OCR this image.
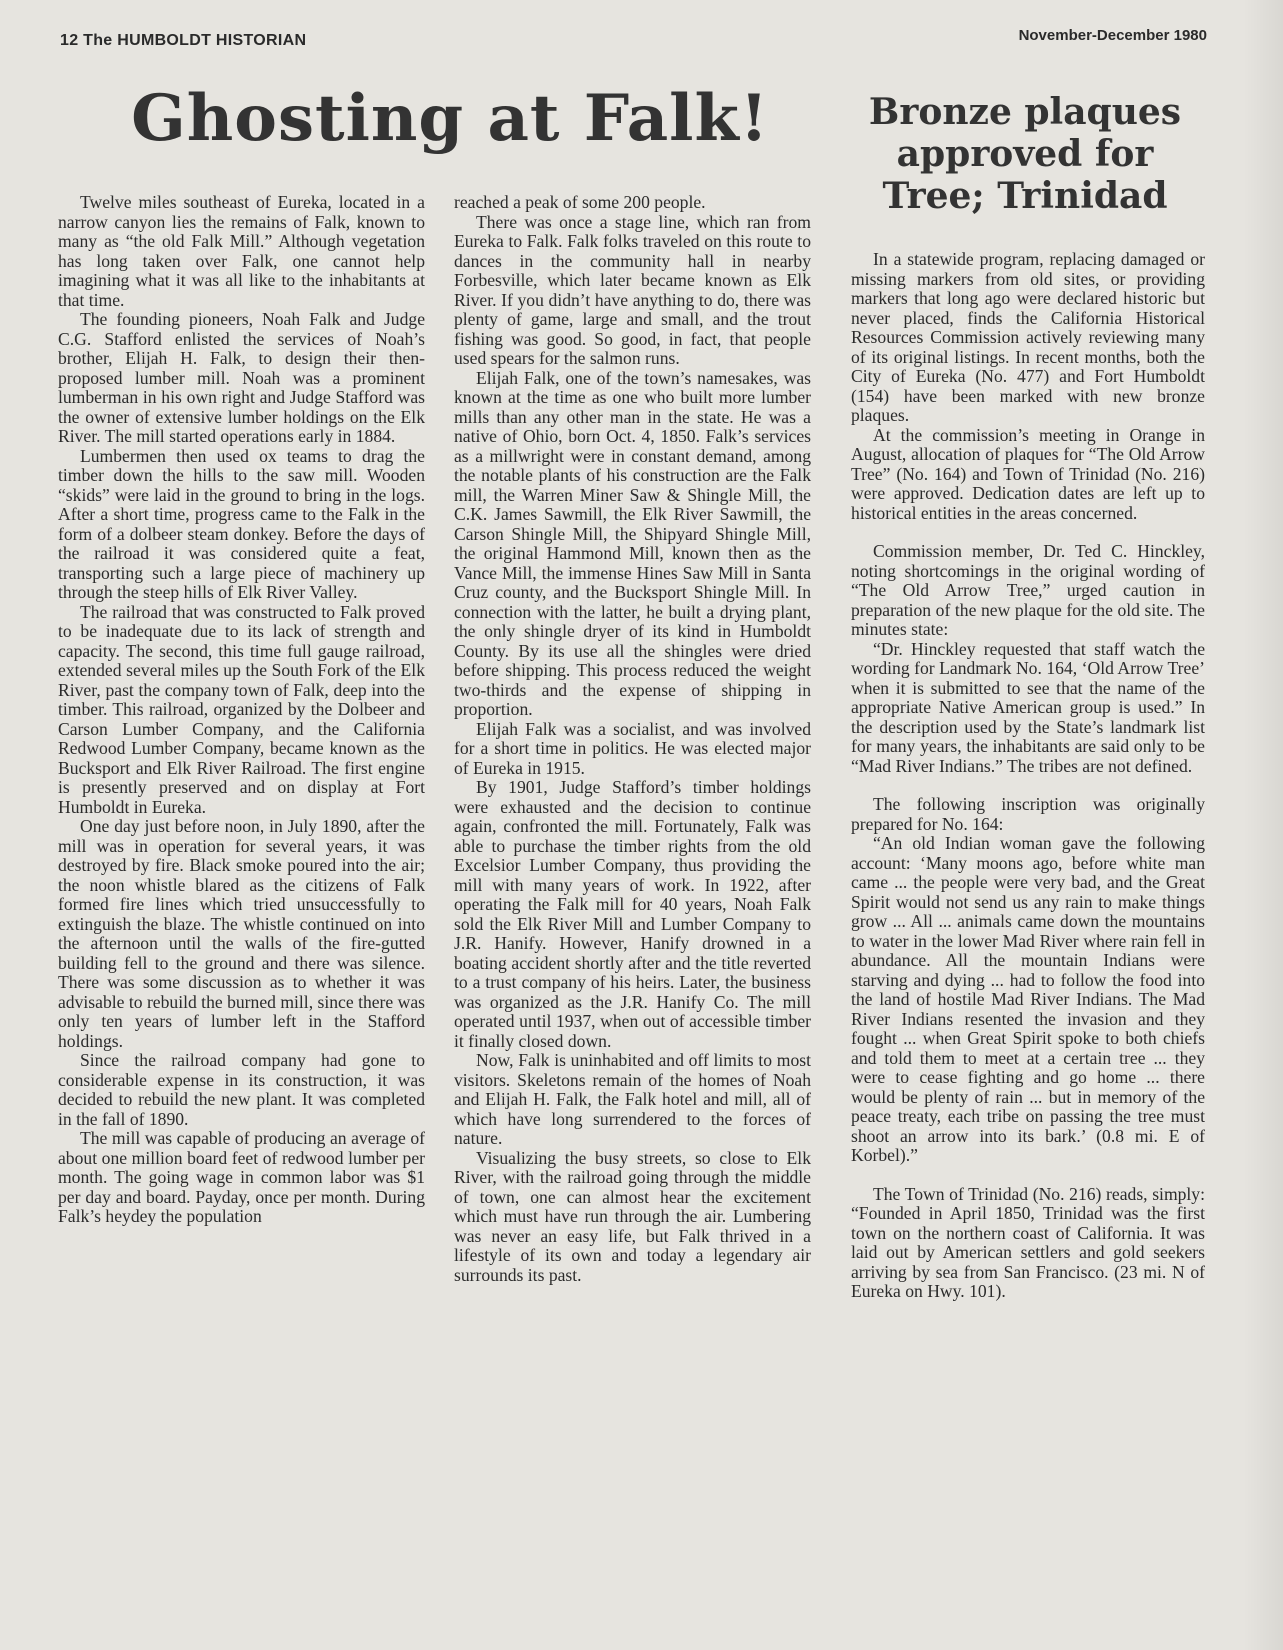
12 The HUMBOLDT HISTORIAN	November-December 1980
Ghosting at Falk!

Twelve miles southeast of Eureka, located in a narrow canyon lies the remains of Falk, known to many as “the old Falk Mill.” Although vegetation has long taken over Falk, one cannot help imagining what it was all like to the inhabitants at that time.

The founding pioneers, Noah Falk and Judge C.G. Stafford enlisted the services of Noah’s brother, Elijah H. Falk, to design their then-proposed lumber mill. Noah was a prominent lumberman in his own right and Judge Stafford was the owner of extensive lumber holdings on the Elk River. The mill started operations early in 1884.

Lumbermen then used ox teams to drag the timber down the hills to the saw mill. Wooden “skids” were laid in the ground to bring in the logs. After a short time, progress came to the Falk in the form of a dolbeer steam donkey. Before the days of the railroad it was considered quite a feat, transporting such a large piece of machinery up through the steep hills of Elk River Valley.

The railroad that was constructed to Falk proved to be inadequate due to its lack of strength and capacity. The second, this time full gauge railroad, extended several miles up the South Fork of the Elk River, past the company town of Falk, deep into the timber. This railroad, organized by the Dolbeer and Carson Lumber Company, and the California Redwood Lumber Company, became known as the Bucksport and Elk River Railroad. The first engine is presently preserved and on display at Fort Humboldt in Eureka.

One day just before noon, in July 1890, after the mill was in operation for several years, it was destroyed by fire. Black smoke poured into the air; the noon whistle blared as the citizens of Falk formed fire lines which tried unsuccessfully to extinguish the blaze. The whistle continued on into the afternoon until the walls of the fire-gutted building fell to the ground and there was silence. There was some discussion as to whether it was advisable to rebuild the burned mill, since there was only ten years of lumber left in the Stafford holdings.

Since the railroad company had gone to considerable expense in its construction, it was decided to rebuild the new plant. It was completed in the fall of 1890.

The mill was capable of producing an average of about one million board feet of redwood lumber per month. The going wage in common labor was $1 per day and board. Payday, once per month. During Falk’s heydey the population

reached a peak of some 200 people.

There was once a stage line, which ran from Eureka to Falk. Falk folks traveled on this route to dances in the community hall in nearby Forbesville, which later became known as Elk River. If you didn’t have anything to do, there was plenty of game, large and small, and the trout fishing was good. So good, in fact, that people used spears for the salmon runs.

Elijah Falk, one of the town’s namesakes, was known at the time as one who built more lumber mills than any other man in the state. He was a native of Ohio, born Oct. 4, 1850. Falk’s services as a millwright were in constant demand, among the notable plants of his construction are the Falk mill, the Warren Miner Saw & Shingle Mill, the C.K. James Sawmill, the Elk River Sawmill, the Carson Shingle Mill, the Shipyard Shingle Mill, the original Hammond Mill, known then as the Vance Mill, the immense Hines Saw Mill in Santa Cruz county, and the Bucksport Shingle Mill. In connection with the latter, he built a drying plant, the only shingle dryer of its kind in Humboldt County. By its use all the shingles were dried before shipping. This process reduced the weight two-thirds and the expense of shipping in proportion.

Elijah Falk was a socialist, and was involved for a short time in politics. He was elected major of Eureka in 1915.

By 1901, Judge Stafford’s timber holdings were exhausted and the decision to continue again, confronted the mill. Fortunately, Falk was able to purchase the timber rights from the old Excelsior Lumber Company, thus providing the mill with many years of work. In 1922, after operating the Falk mill for 40 years, Noah Falk sold the Elk River Mill and Lumber Company to J.R. Hanify. However, Hanify drowned in a boating accident shortly after and the title reverted to a trust company of his heirs. Later, the business was organized as the J.R. Hanify Co. The mill operated until 1937, when out of accessible timber it finally closed down.

Now, Falk is uninhabited and off limits to most visitors. Skeletons remain of the homes of Noah and Elijah H. Falk, the Falk hotel and mill, all of which have long surrendered to the forces of nature.

Visualizing the busy streets, so close to Elk River, with the railroad going through the middle of town, one can almost hear the excitement which must have run through the air. Lumbering was never an easy life, but Falk thrived in a lifestyle of its own and today a legendary air surrounds its past.

Bronze plaques approved for Tree; Trinidad

In a statewide program, replacing damaged or missing markers from old sites, or providing markers that long ago were declared historic but never placed, finds the California Historical Resources Commission actively reviewing many of its original listings. In recent months, both the City of Eureka (No. 477) and Fort Humboldt (154) have been marked with new bronze plaques.

At the commission’s meeting in Orange in August, allocation of plaques for “The Old Arrow Tree” (No. 164) and Town of Trinidad (No. 216) were approved. Dedication dates are left up to historical entities in the areas concerned.

Commission member, Dr. Ted C. Hinckley, noting shortcomings in the original wording of “The Old Arrow Tree,” urged caution in preparation of the new plaque for the old site. The minutes state:

“Dr. Hinckley requested that staff watch the wording for Landmark No. 164, ‘Old Arrow Tree’ when it is submitted to see that the name of the appropriate Native American group is used.” In the description used by the State’s landmark list for many years, the inhabitants are said only to be “Mad River Indians.” The tribes are not defined.

The following inscription was originally prepared for No. 164:

“An old Indian woman gave the following account: ‘Many moons ago, before white man came ... the people were very bad, and the Great Spirit would not send us any rain to make things grow ... All ... animals came down the mountains to water in the lower Mad River where rain fell in abundance. All the mountain Indians were starving and dying ... had to follow the food into the land of hostile Mad River Indians. The Mad River Indians resented the invasion and they fought ... when Great Spirit spoke to both chiefs and told them to meet at a certain tree ... they were to cease fighting and go home ... there would be plenty of rain ... but in memory of the peace treaty, each tribe on passing the tree must shoot an arrow into its bark.’ (0.8 mi. E of Korbel).”

The Town of Trinidad (No. 216) reads, simply: “Founded in April 1850, Trinidad was the first town on the northern coast of California. It was laid out by American settlers and gold seekers arriving by sea from San Francisco. (23 mi. N of Eureka on Hwy. 101).
